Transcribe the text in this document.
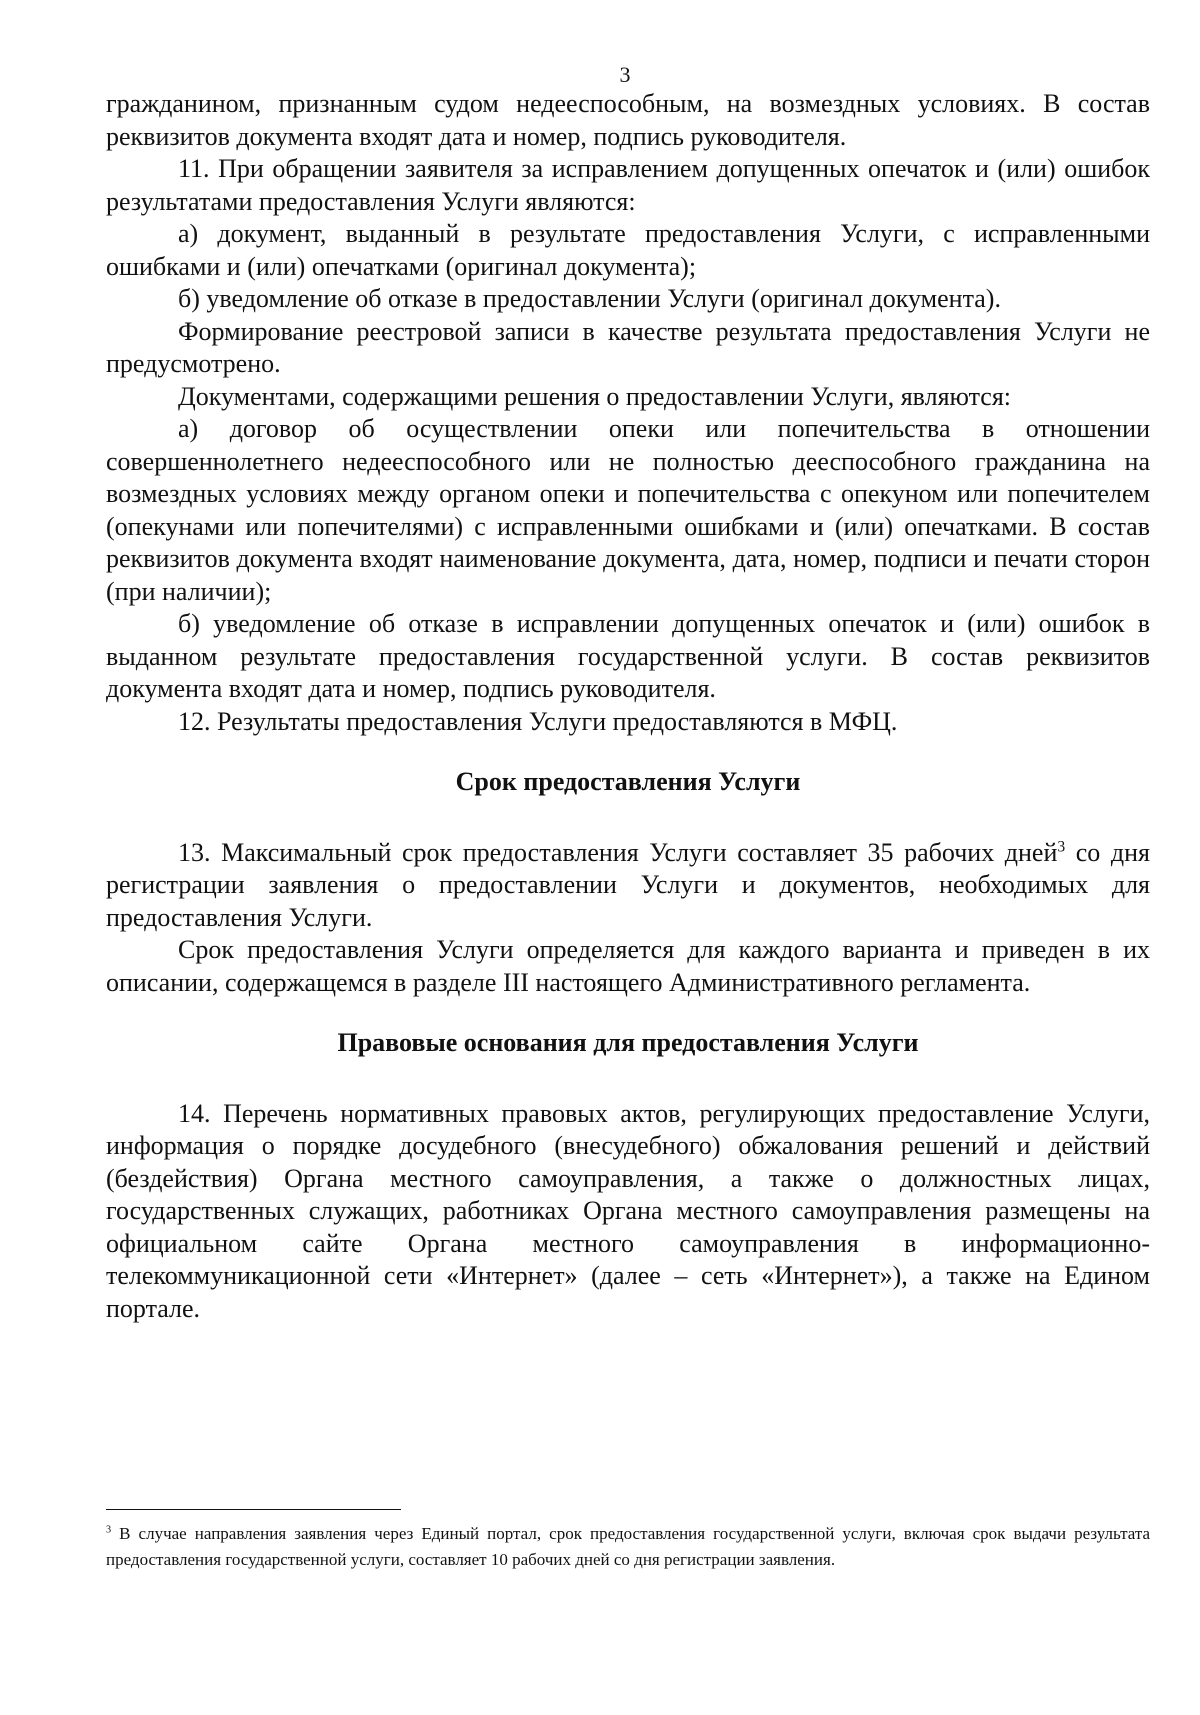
3

гражданином, признанным судом недееспособным, на возмездных условиях. В состав реквизитов документа входят дата и номер, подпись руководителя.

11. При обращении заявителя за исправлением допущенных опечаток и (или) ошибок результатами предоставления Услуги являются:

а) документ, выданный в результате предоставления Услуги, с исправленными ошибками и (или) опечатками (оригинал документа);

б) уведомление об отказе в предоставлении Услуги (оригинал документа).

Формирование реестровой записи в качестве результата предоставления Услуги не предусмотрено.

Документами, содержащими решения о предоставлении Услуги, являются:

а) договор об осуществлении опеки или попечительства в отношении совершеннолетнего недееспособного или не полностью дееспособного гражданина на возмездных условиях между органом опеки и попечительства с опекуном или попечителем (опекунами или попечителями) с исправленными ошибками и (или) опечатками. В состав реквизитов документа входят наименование документа, дата, номер, подписи и печати сторон (при наличии);

б) уведомление об отказе в исправлении допущенных опечаток и (или) ошибок в выданном результате предоставления государственной услуги. В состав реквизитов документа входят дата и номер, подпись руководителя.

12. Результаты предоставления Услуги предоставляются в МФЦ.

Срок предоставления Услуги

13. Максимальный срок предоставления Услуги составляет 35 рабочих дней$^3$ со дня регистрации заявления о предоставлении Услуги и документов, необходимых для предоставления Услуги.

Срок предоставления Услуги определяется для каждого варианта и приведен в их описании, содержащемся в разделе III настоящего Административного регламента.

Правовые основания для предоставления Услуги

14. Перечень нормативных правовых актов, регулирующих предоставление Услуги, информация о порядке досудебного (внесудебного) обжалования решений и действий (бездействия) Органа местного самоуправления, а также о должностных лицах, государственных служащих, работниках Органа местного самоуправления размещены на официальном сайте Органа местного самоуправления в информационно-телекоммуникационной сети «Интернет» (далее – сеть «Интернет»), а также на Едином портале.

$^3$ В случае направления заявления через Единый портал, срок предоставления государственной услуги, включая срок выдачи результата предоставления государственной услуги, составляет 10 рабочих дней со дня регистрации заявления.
